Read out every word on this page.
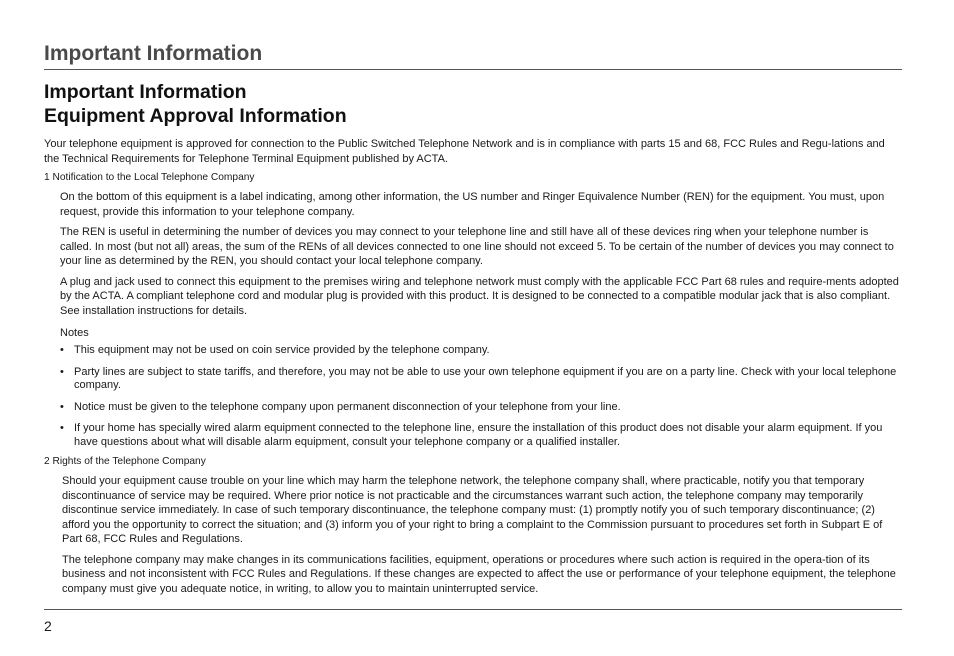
Important Information
Important Information
Equipment Approval Information

Your telephone equipment is approved for connection to the Public Switched Telephone Network and is in compliance with parts 15 and 68, FCC Rules and Regu-lations and the Technical Requirements for Telephone Terminal Equipment published by ACTA.

1 Notification to the Local Telephone Company

On the bottom of this equipment is a label indicating, among other information, the US number and Ringer Equivalence Number (REN) for the equipment. You must, upon request, provide this information to your telephone company.

The REN is useful in determining the number of devices you may connect to your telephone line and still have all of these devices ring when your telephone number is called. In most (but not all) areas, the sum of the RENs of all devices connected to one line should not exceed 5. To be certain of the number of devices you may connect to your line as determined by the REN, you should contact your local telephone company.

A plug and jack used to connect this equipment to the premises wiring and telephone network must comply with the applicable FCC Part 68 rules and require-ments adopted by the ACTA. A compliant telephone cord and modular plug is provided with this product. It is designed to be connected to a compatible modular jack that is also compliant. See installation instructions for details.

Notes
• This equipment may not be used on coin service provided by the telephone company.
• Party lines are subject to state tariffs, and therefore, you may not be able to use your own telephone equipment if you are on a party line. Check with your local telephone company.
• Notice must be given to the telephone company upon permanent disconnection of your telephone from your line.
• If your home has specially wired alarm equipment connected to the telephone line, ensure the installation of this product does not disable your alarm equipment. If you have questions about what will disable alarm equipment, consult your telephone company or a qualified installer.
2 Rights of the Telephone Company

Should your equipment cause trouble on your line which may harm the telephone network, the telephone company shall, where practicable, notify you that temporary discontinuance of service may be required. Where prior notice is not practicable and the circumstances warrant such action, the telephone company may temporarily discontinue service immediately. In case of such temporary discontinuance, the telephone company must: (1) promptly notify you of such temporary discontinuance; (2) afford you the opportunity to correct the situation; and (3) inform you of your right to bring a complaint to the Commission pursuant to procedures set forth in Subpart E of Part 68, FCC Rules and Regulations.

The telephone company may make changes in its communications facilities, equipment, operations or procedures where such action is required in the opera-tion of its business and not inconsistent with FCC Rules and Regulations. If these changes are expected to affect the use or performance of your telephone equipment, the telephone company must give you adequate notice, in writing, to allow you to maintain uninterrupted service.

2
